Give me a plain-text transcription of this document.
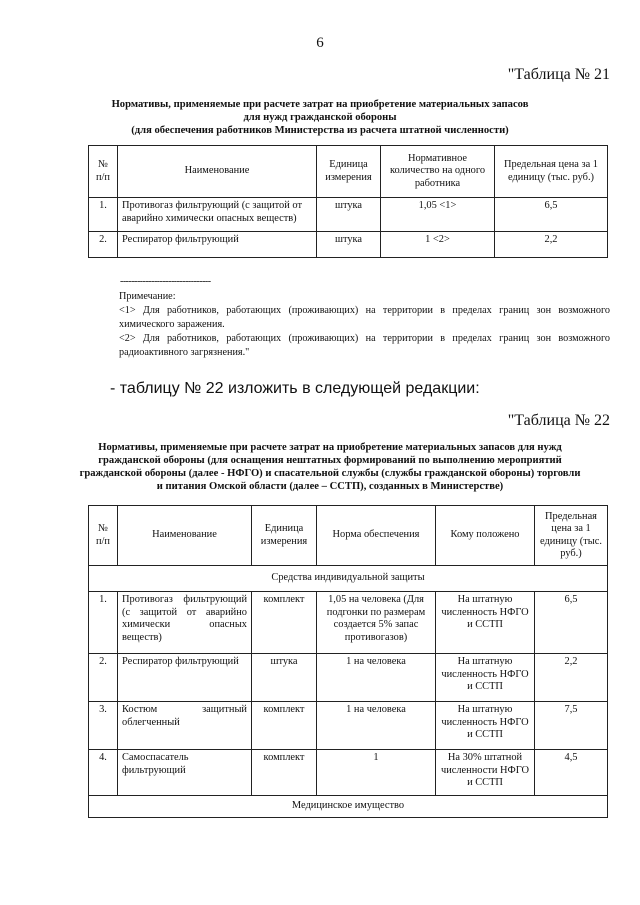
6
"Таблица № 21
Нормативы, применяемые при расчете затрат на приобретение материальных запасов
для нужд гражданской обороны
(для обеспечения работников Министерства из расчета штатной численности)
№ п/п	Наименование	Единица измерения	Нормативное количество на одного работника	Предельная цена за 1 единицу (тыс. руб.)
1.	Противогаз фильтрующий (с защитой от аварийно химически опасных веществ)	штука	1,05 <1>	6,5
2.	Респиратор фильтрующий	штука	1 <2>	2,2
--------------------------------

Примечание:

<1> Для работников, работающих (проживающих) на территории в пределах границ зон возможного химического заражения.

<2> Для работников, работающих (проживающих) на территории в пределах границ зон возможного радиоактивного загрязнения."

- таблицу № 22 изложить в следующей редакции:
"Таблица № 22
Нормативы, применяемые при расчете затрат на приобретение материальных запасов для нужд
гражданской обороны (для оснащения нештатных формирований по выполнению мероприятий
гражданской обороны (далее - НФГО) и спасательной службы (службы гражданской обороны) торговли
и питания Омской области (далее – ССТП), созданных в Министерстве)
№ п/п	Наименование	Единица измерения	Норма обеспечения	Кому положено	Предельная цена за 1 единицу (тыс. руб.)
Средства индивидуальной защиты					
1.	Противогаз фильтрующий (с защитой от аварийно химически опасных веществ)	комплект	1,05 на человека (Для подгонки по размерам создается 5% запас противогазов)	На штатную численность НФГО и ССТП	6,5
2.	Респиратор фильтрующий	штука	1 на человека	На штатную численность НФГО и ССТП	2,2
3.	Костюм защитный облегченный	комплект	1 на человека	На штатную численность НФГО и ССТП	7,5
4.	Самоспасатель фильтрующий	комплект	1	На 30% штатной численности НФГО и ССТП	4,5
Медицинское имущество					
